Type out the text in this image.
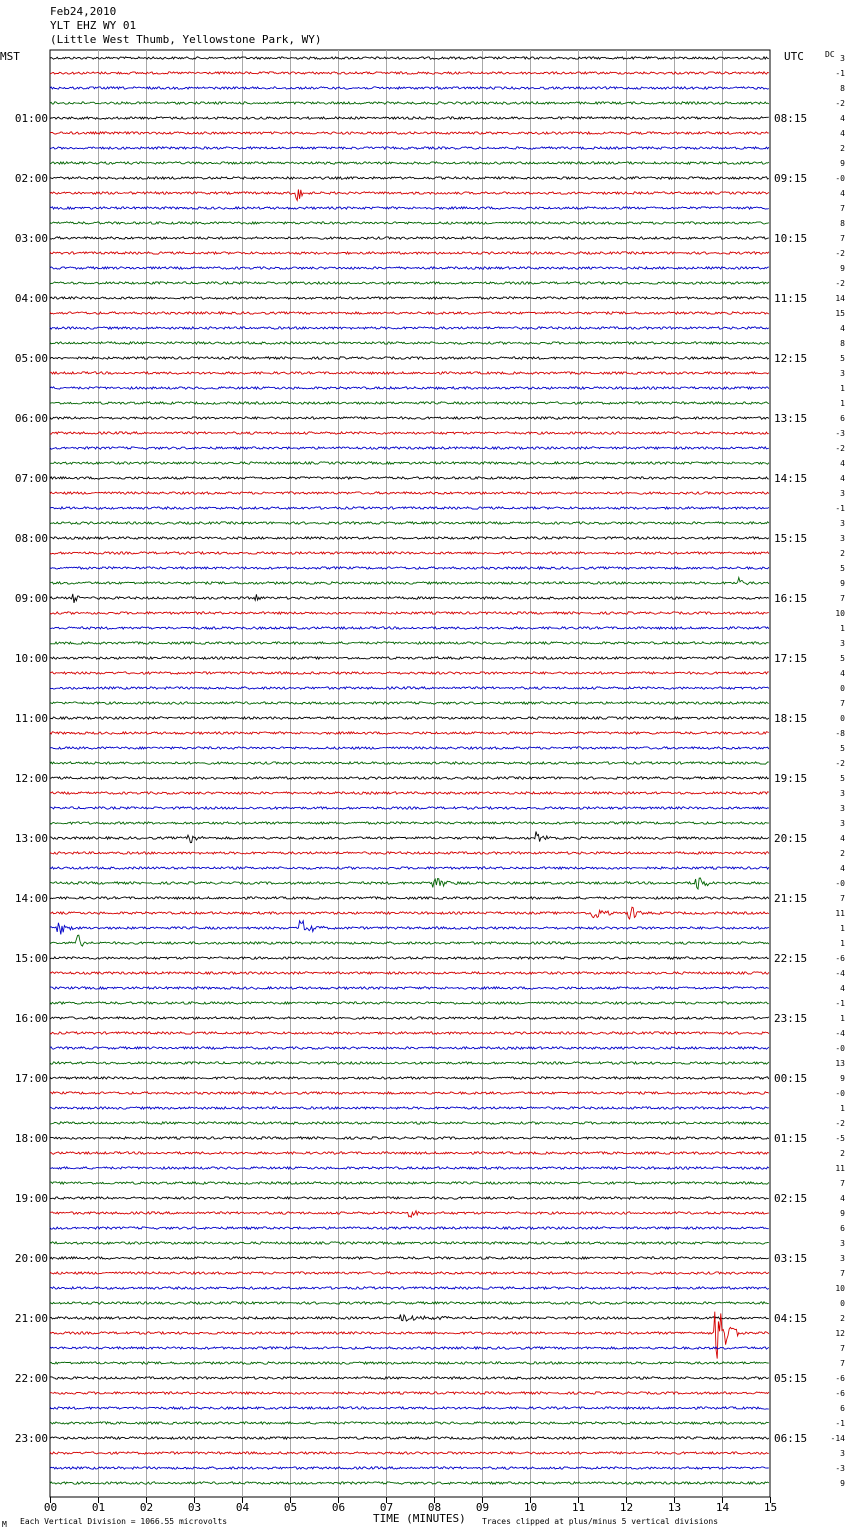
Feb24,2010
YLT EHZ WY 01
(Little West Thumb, Yellowstone Park, WY)
MST	UTC	DC
00	01	02	03	04	05	06	07	08	09	10	11	12	13	14	15
3
-1
8
-2
4
4
2
9
-0
4
7
8
7
-2
9
-2
14
15
4
8
5
3
1
1
6
-3
-2
4
4
3
-1
3
3
2
5
9
7
10
1
3
5
4
0
7
0
-8
5
-2
5
3
3
3
4
2
4
-0
7
11
1
1
-6
-4
4
-1
1
-4
-0
13
9
-0
1
-2
-5
2
11
7
4
9
6
3
3
7
10
0
2
12
7
7
-6
-6
6
-1
-14
3
-3
9
01:00
02:00
03:00
04:00
05:00
06:00
07:00
08:00
09:00
10:00
11:00
12:00
13:00
14:00
15:00
16:00
17:00
18:00
19:00
20:00
21:00
22:00
23:00
08:15
09:15
10:15
11:15
12:15
13:15
14:15
15:15
16:15
17:15
18:15
19:15
20:15
21:15
22:15
23:15
00:15
01:15
02:15
03:15
04:15
05:15
06:15
M Each Vertical Division = 1066.55 microvolts	TIME (MINUTES) Traces clipped at plus/minus 5 vertical divisions
